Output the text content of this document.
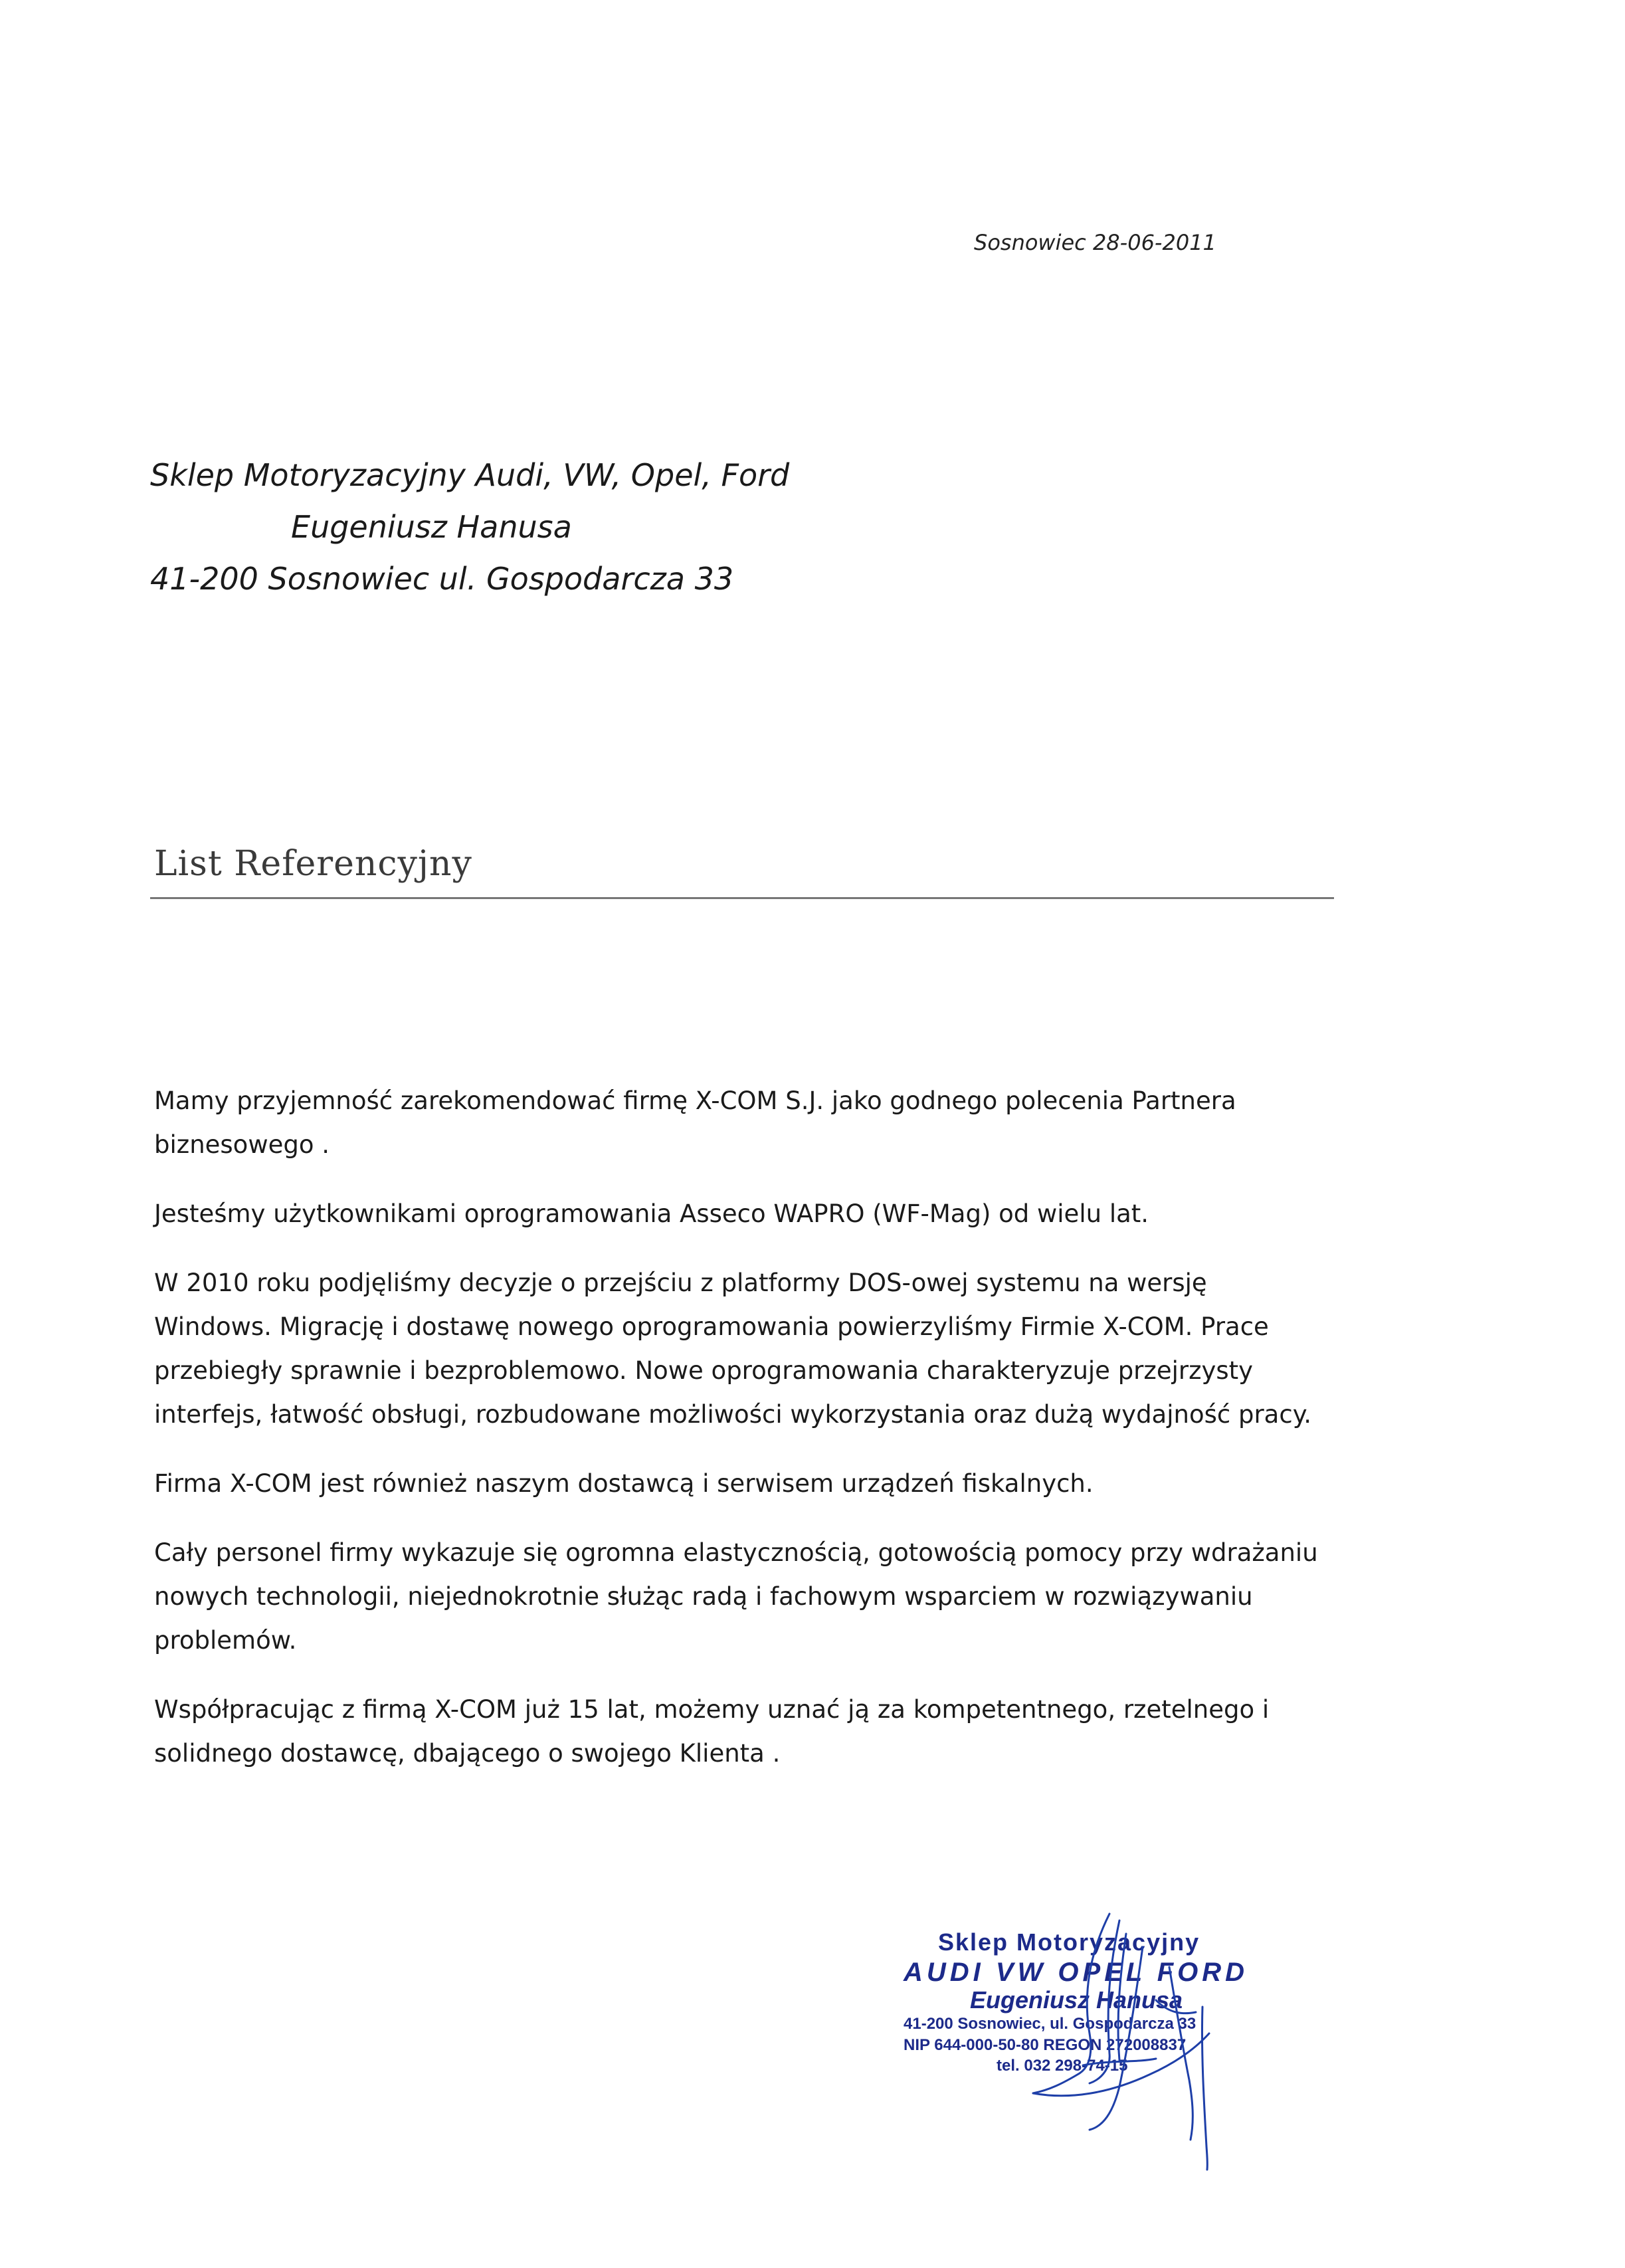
Sosnowiec 28-06-2011
Sklep Motoryzacyjny Audi, VW, Opel, Ford
Eugeniusz Hanusa
41-200 Sosnowiec ul. Gospodarcza 33
List Referencyjny

Mamy przyjemność zarekomendować firmę X-COM S.J. jako godnego polecenia Partnera biznesowego .

Jesteśmy użytkownikami oprogramowania Asseco WAPRO (WF-Mag) od wielu lat.

W 2010 roku podjęliśmy decyzje o przejściu z platformy DOS-owej systemu na wersję Windows. Migrację i dostawę nowego oprogramowania powierzyliśmy Firmie X-COM. Prace przebiegły sprawnie i bezproblemowo. Nowe oprogramowania charakteryzuje przejrzysty interfejs, łatwość obsługi, rozbudowane możliwości wykorzystania oraz dużą wydajność pracy.

Firma X-COM jest również naszym dostawcą i serwisem urządzeń fiskalnych.

Cały personel firmy wykazuje się ogromna elastycznością, gotowością pomocy przy wdrażaniu nowych technologii, niejednokrotnie służąc radą i fachowym wsparciem w rozwiązywaniu problemów.

Współpracując z firmą X-COM już 15 lat, możemy uznać ją za kompetentnego, rzetelnego i solidnego dostawcę, dbającego o swojego Klienta .

Sklep Motoryzacyjny
AUDI VW OPEL FORD
Eugeniusz Hanusa
41-200 Sosnowiec, ul. Gospodarcza 33
NIP 644-000-50-80 REGON 272008837
tel. 032 298-74-15
